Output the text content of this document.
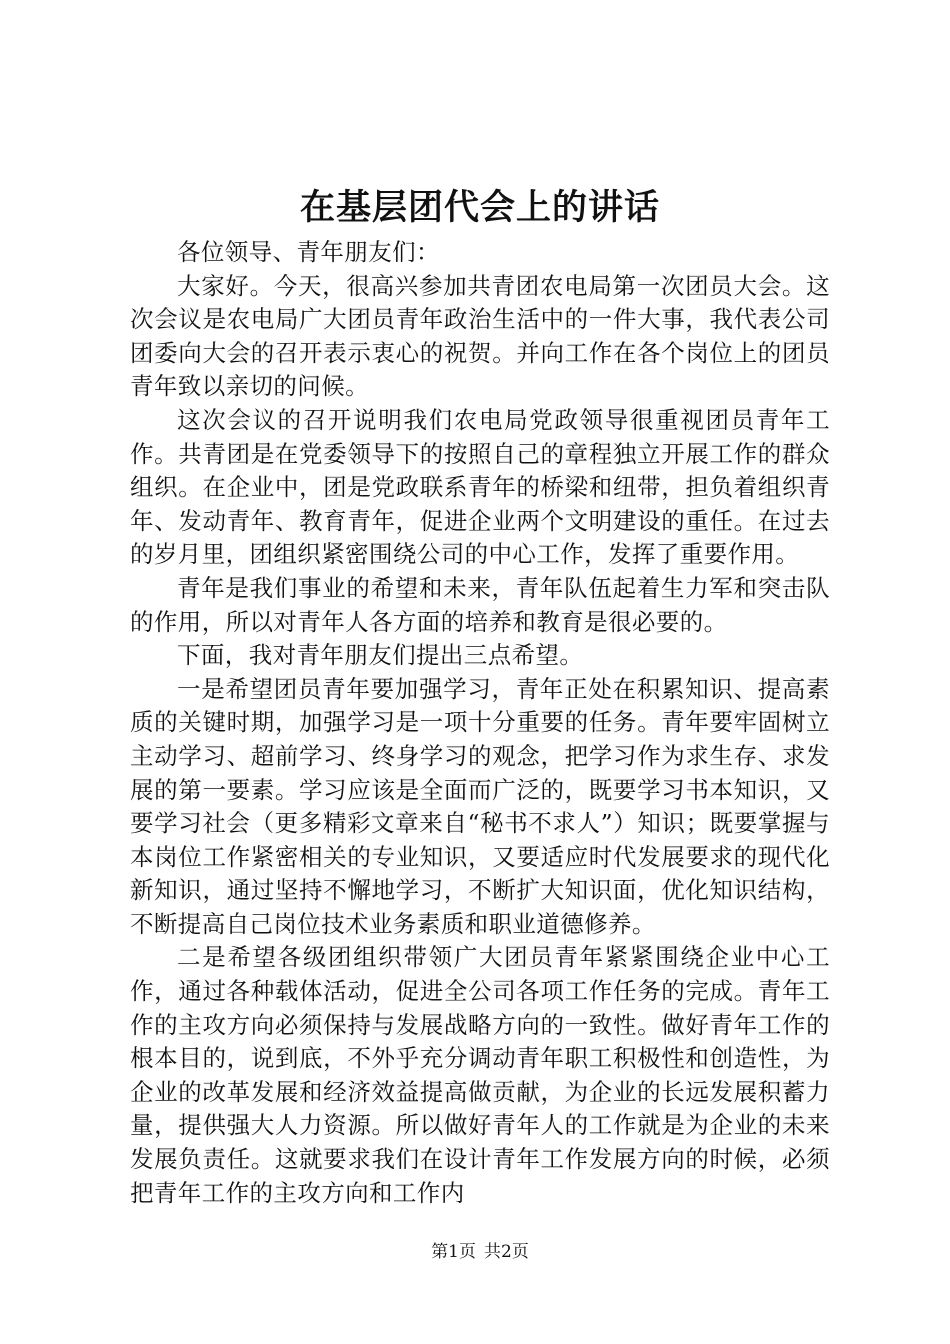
在基层团代会上的讲话

各位领导、青年朋友们：

大家好。今天，很高兴参加共青团农电局第一次团员大会。这次会议是农电局广大团员青年政治生活中的一件大事，我代表公司团委向大会的召开表示衷心的祝贺。并向工作在各个岗位上的团员青年致以亲切的问候。

这次会议的召开说明我们农电局党政领导很重视团员青年工作。共青团是在党委领导下的按照自己的章程独立开展工作的群众组织。在企业中，团是党政联系青年的桥梁和纽带，担负着组织青年、发动青年、教育青年，促进企业两个文明建设的重任。在过去的岁月里，团组织紧密围绕公司的中心工作，发挥了重要作用。

青年是我们事业的希望和未来，青年队伍起着生力军和突击队的作用，所以对青年人各方面的培养和教育是很必要的。

下面，我对青年朋友们提出三点希望。

一是希望团员青年要加强学习，青年正处在积累知识、提高素质的关键时期，加强学习是一项十分重要的任务。青年要牢固树立主动学习、超前学习、终身学习的观念，把学习作为求生存、求发展的第一要素。学习应该是全面而广泛的，既要学习书本知识，又要学习社会（更多精彩文章来自“秘书不求人”）知识；既要掌握与本岗位工作紧密相关的专业知识，又要适应时代发展要求的现代化新知识，通过坚持不懈地学习，不断扩大知识面，优化知识结构，不断提高自己岗位技术业务素质和职业道德修养。

二是希望各级团组织带领广大团员青年紧紧围绕企业中心工作，通过各种载体活动，促进全公司各项工作任务的完成。青年工作的主攻方向必须保持与发展战略方向的一致性。做好青年工作的根本目的，说到底，不外乎充分调动青年职工积极性和创造性，为企业的改革发展和经济效益提高做贡献，为企业的长远发展积蓄力量，提供强大人力资源。所以做好青年人的工作就是为企业的未来发展负责任。这就要求我们在设计青年工作发展方向的时候，必须把青年工作的主攻方向和工作内

第1页 共2页
